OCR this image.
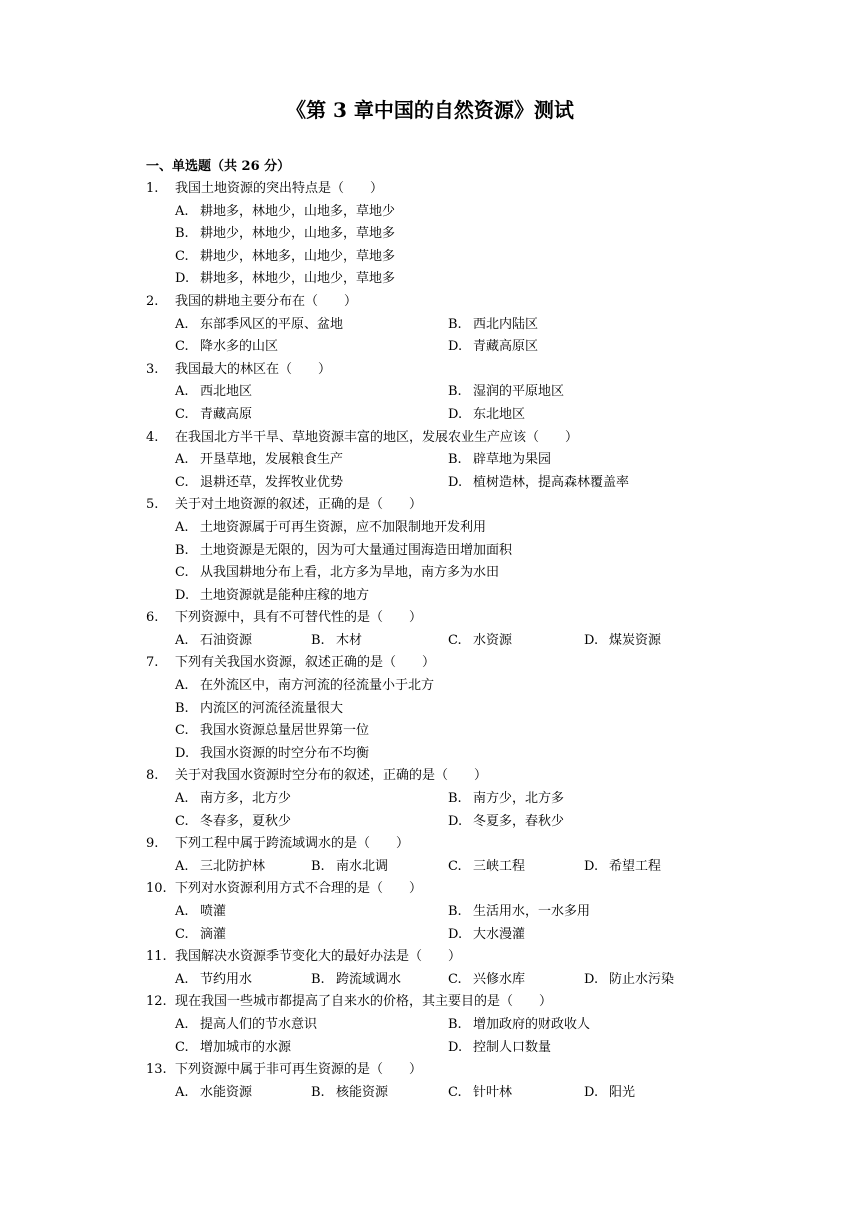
《第 3 章中国的自然资源》测试
一、单选题（共 26 分）
1. 我国土地资源的突出特点是（　　）
A. 耕地多，林地少，山地多，草地少
B. 耕地少，林地少，山地多，草地多
C. 耕地少，林地多，山地少，草地多
D. 耕地多，林地少，山地少，草地多
2. 我国的耕地主要分布在（　　）
A. 东部季风区的平原、盆地	B. 西北内陆区
C. 降水多的山区	D. 青藏高原区
3. 我国最大的林区在（　　）
A. 西北地区	B. 湿润的平原地区
C. 青藏高原	D. 东北地区
4. 在我国北方半干旱、草地资源丰富的地区，发展农业生产应该（　　）
A. 开垦草地，发展粮食生产	B. 辟草地为果园
C. 退耕还草，发挥牧业优势	D. 植树造林，提高森林覆盖率
5. 关于对土地资源的叙述，正确的是（　　）
A. 土地资源属于可再生资源，应不加限制地开发利用
B. 土地资源是无限的，因为可大量通过围海造田增加面积
C. 从我国耕地分布上看，北方多为旱地，南方多为水田
D. 土地资源就是能种庄稼的地方
6. 下列资源中，具有不可替代性的是（　　）
A. 石油资源	B. 木材	C. 水资源	D. 煤炭资源
7. 下列有关我国水资源，叙述正确的是（　　）
A. 在外流区中，南方河流的径流量小于北方
B. 内流区的河流径流量很大
C. 我国水资源总量居世界第一位
D. 我国水资源的时空分布不均衡
8. 关于对我国水资源时空分布的叙述，正确的是（　　）
A. 南方多，北方少	B. 南方少，北方多
C. 冬春多，夏秋少	D. 冬夏多，春秋少
9. 下列工程中属于跨流域调水的是（　　）
A. 三北防护林	B. 南水北调	C. 三峡工程	D. 希望工程
10. 下列对水资源利用方式不合理的是（　　）
A. 喷灌	B. 生活用水，一水多用
C. 滴灌	D. 大水漫灌
11. 我国解决水资源季节变化大的最好办法是（　　）
A. 节约用水	B. 跨流域调水	C. 兴修水库	D. 防止水污染
12. 现在我国一些城市都提高了自来水的价格，其主要目的是（　　）
A. 提高人们的节水意识	B. 增加政府的财政收人
C. 增加城市的水源	D. 控制人口数量
13. 下列资源中属于非可再生资源的是（　　）
A. 水能资源	B. 核能资源	C. 针叶林	D. 阳光
